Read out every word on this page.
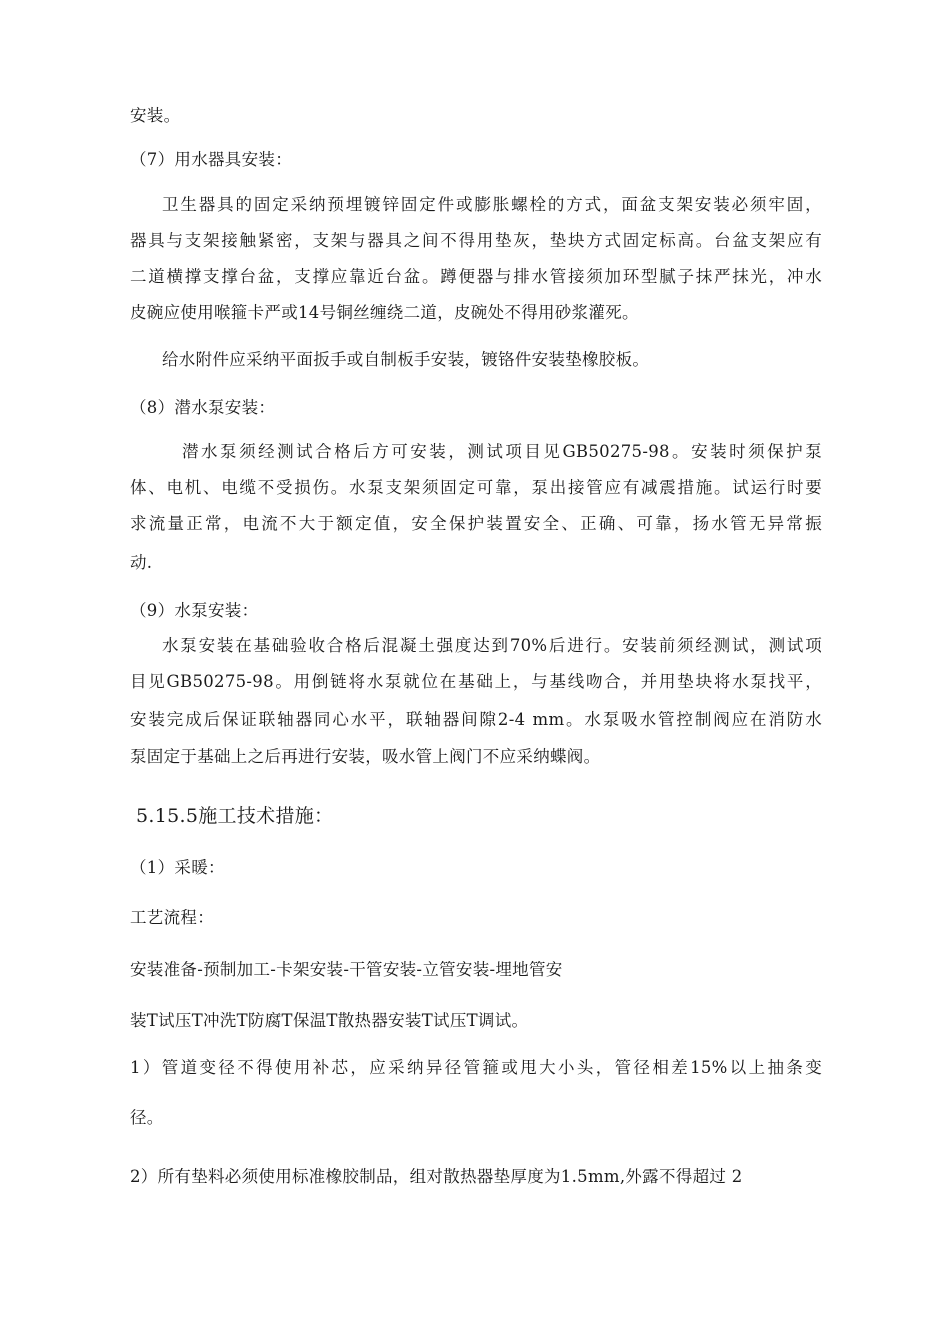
安装。
（7）用水器具安装：
卫生器具的固定采纳预埋镀锌固定件或膨胀螺栓的方式，面盆支架安装必须牢固，
器具与支架接触紧密，支架与器具之间不得用垫灰，垫块方式固定标高。台盆支架应有
二道横撑支撑台盆，支撑应靠近台盆。蹲便器与排水管接须加环型腻子抹严抹光，冲水
皮碗应使用喉箍卡严或14号铜丝缠绕二道，皮碗处不得用砂浆灌死。
给水附件应采纳平面扳手或自制板手安装，镀铬件安装垫橡胶板。
（8）潜水泵安装：
潜水泵须经测试合格后方可安装，测试项目见GB50275-98。安装时须保护泵
体、电机、电缆不受损伤。水泵支架须固定可靠，泵出接管应有减震措施。试运行时要
求流量正常，电流不大于额定值，安全保护装置安全、正确、可靠，扬水管无异常振
动.
（9）水泵安装：
水泵安装在基础验收合格后混凝土强度达到70%后进行。安装前须经测试，测试项
目见GB50275-98。用倒链将水泵就位在基础上，与基线吻合，并用垫块将水泵找平，
安装完成后保证联轴器同心水平，联轴器间隙2-4 mm。水泵吸水管控制阀应在消防水
泵固定于基础上之后再进行安装，吸水管上阀门不应采纳蝶阀。
5.15.5施工技术措施：
（1）采暖：
工艺流程：
安装准备-预制加工-卡架安装-干管安装-立管安装-埋地管安
装T试压T冲洗T防腐T保温T散热器安装T试压T调试。
1）管道变径不得使用补芯，应采纳异径管箍或甩大小头，管径相差15%以上抽条变
径。
2）所有垫料必须使用标准橡胶制品，组对散热器垫厚度为1.5mm,外露不得超过 2
